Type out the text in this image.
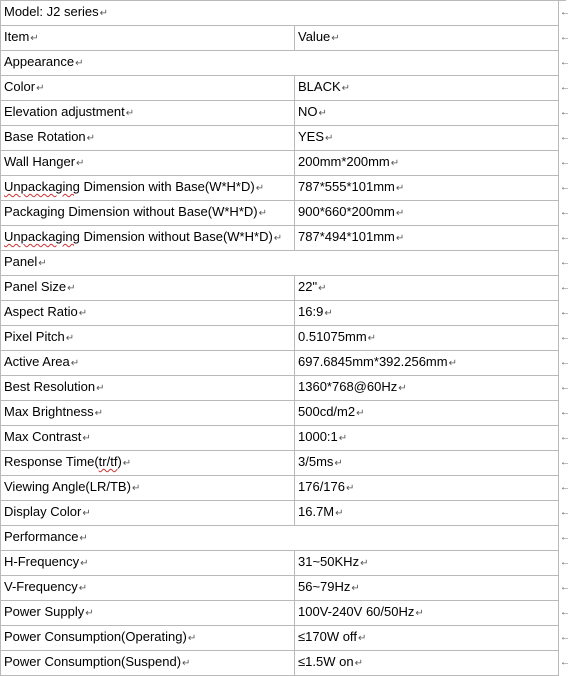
Model: J2 series↵	
Item↵	Value↵
Appearance↵	
Color↵	BLACK↵
Elevation adjustment↵	NO↵
Base Rotation↵	YES↵
Wall Hanger↵	200mm*200mm↵
Unpackaging Dimension with Base(W*H*D)↵	787*555*101mm↵
Packaging Dimension without Base(W*H*D)↵	900*660*200mm↵
Unpackaging Dimension without Base(W*H*D)↵	787*494*101mm↵
Panel↵	
Panel Size↵	22"↵
Aspect Ratio↵	16:9↵
Pixel Pitch↵	0.51075mm↵
Active Area↵	697.6845mm*392.256mm↵
Best Resolution↵	1360*768@60Hz↵
Max Brightness↵	500cd/m2↵
Max Contrast↵	1000:1↵
Response Time(tr/tf)↵	3/5ms↵
Viewing Angle(LR/TB)↵	176/176↵
Display Color↵	16.7M↵
Performance↵	
H-Frequency↵	31~50KHz↵
V-Frequency↵	56~79Hz↵
Power Supply↵	100V-240V 60/50Hz↵
Power Consumption(Operating)↵	≤170W off↵
Power Consumption(Suspend)↵	≤1.5W on↵
←
←
←
←
←
←
←
←
←
←
←
←
←
←
←
←
←
←
←
←
←
←
←
←
←
←
←
